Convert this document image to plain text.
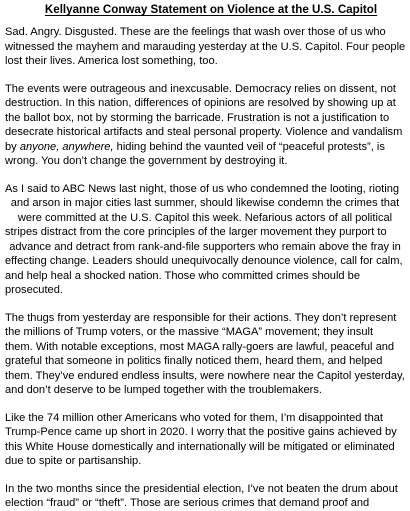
Kellyanne Conway Statement on Violence at the U.S. Capitol
Sad. Angry. Disgusted. These are the feelings that wash over those of us who
witnessed the mayhem and marauding yesterday at the U.S. Capitol. Four people
lost their lives. America lost something, too.
The events were outrageous and inexcusable. Democracy relies on dissent, not
destruction. In this nation, differences of opinions are resolved by showing up at
the ballot box, not by storming the barricade. Frustration is not a justification to
desecrate historical artifacts and steal personal property. Violence and vandalism
by anyone, anywhere, hiding behind the vaunted veil of “peaceful protests”, is
wrong. You don’t change the government by destroying it.
As I said to ABC News last night, those of us who condemned the looting, rioting
and arson in major cities last summer, should likewise condemn the crimes that
were committed at the U.S. Capitol this week. Nefarious actors of all political
stripes distract from the core principles of the larger movement they purport to
advance and detract from rank-and-file supporters who remain above the fray in
effecting change. Leaders should unequivocally denounce violence, call for calm,
and help heal a shocked nation. Those who committed crimes should be
prosecuted.
The thugs from yesterday are responsible for their actions. They don’t represent
the millions of Trump voters, or the massive “MAGA” movement; they insult
them. With notable exceptions, most MAGA rally-goers are lawful, peaceful and
grateful that someone in politics finally noticed them, heard them, and helped
them. They’ve endured endless insults, were nowhere near the Capitol yesterday,
and don’t deserve to be lumped together with the troublemakers.
Like the 74 million other Americans who voted for them, I’m disappointed that
Trump-Pence came up short in 2020. I worry that the positive gains achieved by
this White House domestically and internationally will be mitigated or eliminated
due to spite or partisanship.
In the two months since the presidential election, I’ve not beaten the drum about
election “fraud” or “theft”. Those are serious crimes that demand proof and
